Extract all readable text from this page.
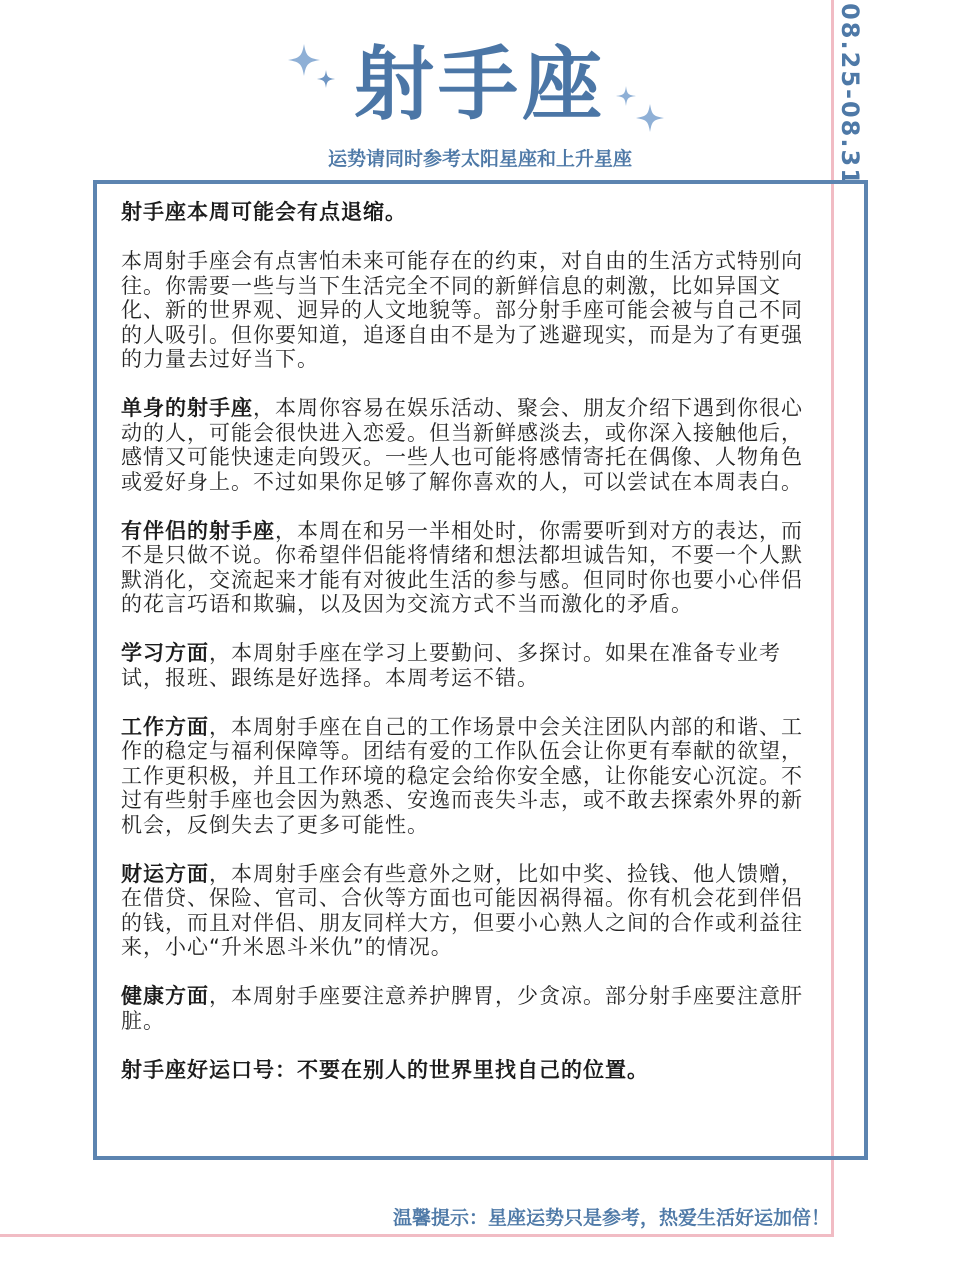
08.25-08.31
射手座
运势请同时参考太阳星座和上升星座

射手座本周可能会有点退缩。

本周射手座会有点害怕未来可能存在的约束，对自由的生活方式特别向往。你需要一些与当下生活完全不同的新鲜信息的刺激，比如异国文化、新的世界观、迥异的人文地貌等。部分射手座可能会被与自己不同的人吸引。但你要知道，追逐自由不是为了逃避现实，而是为了有更强的力量去过好当下。

单身的射手座，本周你容易在娱乐活动、聚会、朋友介绍下遇到你很心动的人，可能会很快进入恋爱。但当新鲜感淡去，或你深入接触他后，感情又可能快速走向毁灭。一些人也可能将感情寄托在偶像、人物角色或爱好身上。不过如果你足够了解你喜欢的人，可以尝试在本周表白。

有伴侣的射手座，本周在和另一半相处时，你需要听到对方的表达，而不是只做不说。你希望伴侣能将情绪和想法都坦诚告知，不要一个人默默消化，交流起来才能有对彼此生活的参与感。但同时你也要小心伴侣的花言巧语和欺骗，以及因为交流方式不当而激化的矛盾。

学习方面，本周射手座在学习上要勤问、多探讨。如果在准备专业考试，报班、跟练是好选择。本周考运不错。

工作方面，本周射手座在自己的工作场景中会关注团队内部的和谐、工作的稳定与福利保障等。团结有爱的工作队伍会让你更有奉献的欲望，工作更积极，并且工作环境的稳定会给你安全感，让你能安心沉淀。不过有些射手座也会因为熟悉、安逸而丧失斗志，或不敢去探索外界的新机会，反倒失去了更多可能性。

财运方面，本周射手座会有些意外之财，比如中奖、捡钱、他人馈赠，在借贷、保险、官司、合伙等方面也可能因祸得福。你有机会花到伴侣的钱，而且对伴侣、朋友同样大方，但要小心熟人之间的合作或利益往来，小心“升米恩斗米仇”的情况。

健康方面，本周射手座要注意养护脾胃，少贪凉。部分射手座要注意肝脏。

射手座好运口号：不要在别人的世界里找自己的位置。

温馨提示：星座运势只是参考，热爱生活好运加倍！
